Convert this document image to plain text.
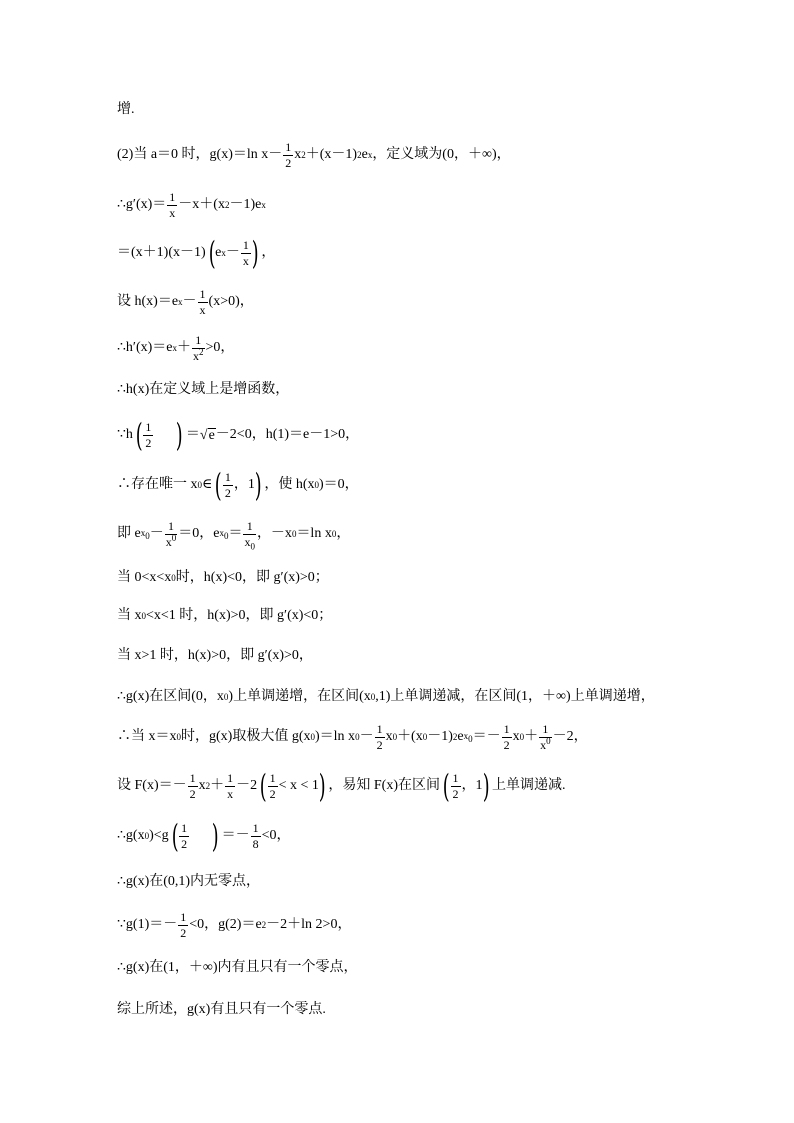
增.
(2)当 a＝0 时，g(x)＝ln $x- \frac{1}{2}$ x 2 ＋(x－1) 2 e x ，定义域为(0，＋∞)，
∴g′(x)＝ $\frac{1}{x} -x+(x$ 2 －1)e x
＝(x＋1)(x－1) ( e $x - \frac{1}{x}$ ) ，
设 h(x)＝e $x - \frac{1}{x} (x>0)$，
∴h′(x)＝e $x + \frac{1}{x^2} >0$，
∴h(x)在定义域上是增函数，
∵h ( $\frac{1}{2}$ ) ＝ √ e －2<0，h(1)＝e－1>0，
∴存在唯一 x 0 ∈ ( $\frac{1}{2}$ ，1 ) ，使 h(x 0 )＝0，
即 e $x_0 - \frac{1}{x^0} =0$，e $x_0 = \frac{1}{x_0}$ ，－x 0 ＝ln x 0 ，
当 0<x<x 0 时，h(x)<0，即 g′(x)>0；
当 x 0 <x<1 时，h(x)>0，即 g′(x)<0；
当 x>1 时，h(x)>0，即 g′(x)>0，
∴g(x)在区间(0，x 0 )上单调递增，在区间(x 0 ,1)上单调递减，在区间(1，＋∞)上单调递增，
∴当 x＝x 0 时，g(x)取极大值 g(x 0 )＝ln x $0 - \frac{1}{2}$ x 0 ＋(x 0 －1) 2 e $x_0 =- \frac{1}{2}$ x $0 + \frac{1}{x^0} -2$，
设 $F(x)=- \frac{1}{2}$ x $2 + \frac{1}{x} -2$ ( $\frac{1}{2} < x < 1$ ) ，易知 F(x)在区间 ( $\frac{1}{2}$ ，1 ) 上单调递减.
∴g(x 0 )<g ( $\frac{1}{2}$ ) ＝－ $\frac{1}{8} <0$，
∴g(x)在(0,1)内无零点，
∵g(1)＝－ $\frac{1}{2} <0$，g(2)＝e 2 －2＋ln 2>0，
∴g(x)在(1，＋∞)内有且只有一个零点，
综上所述，g(x)有且只有一个零点.
